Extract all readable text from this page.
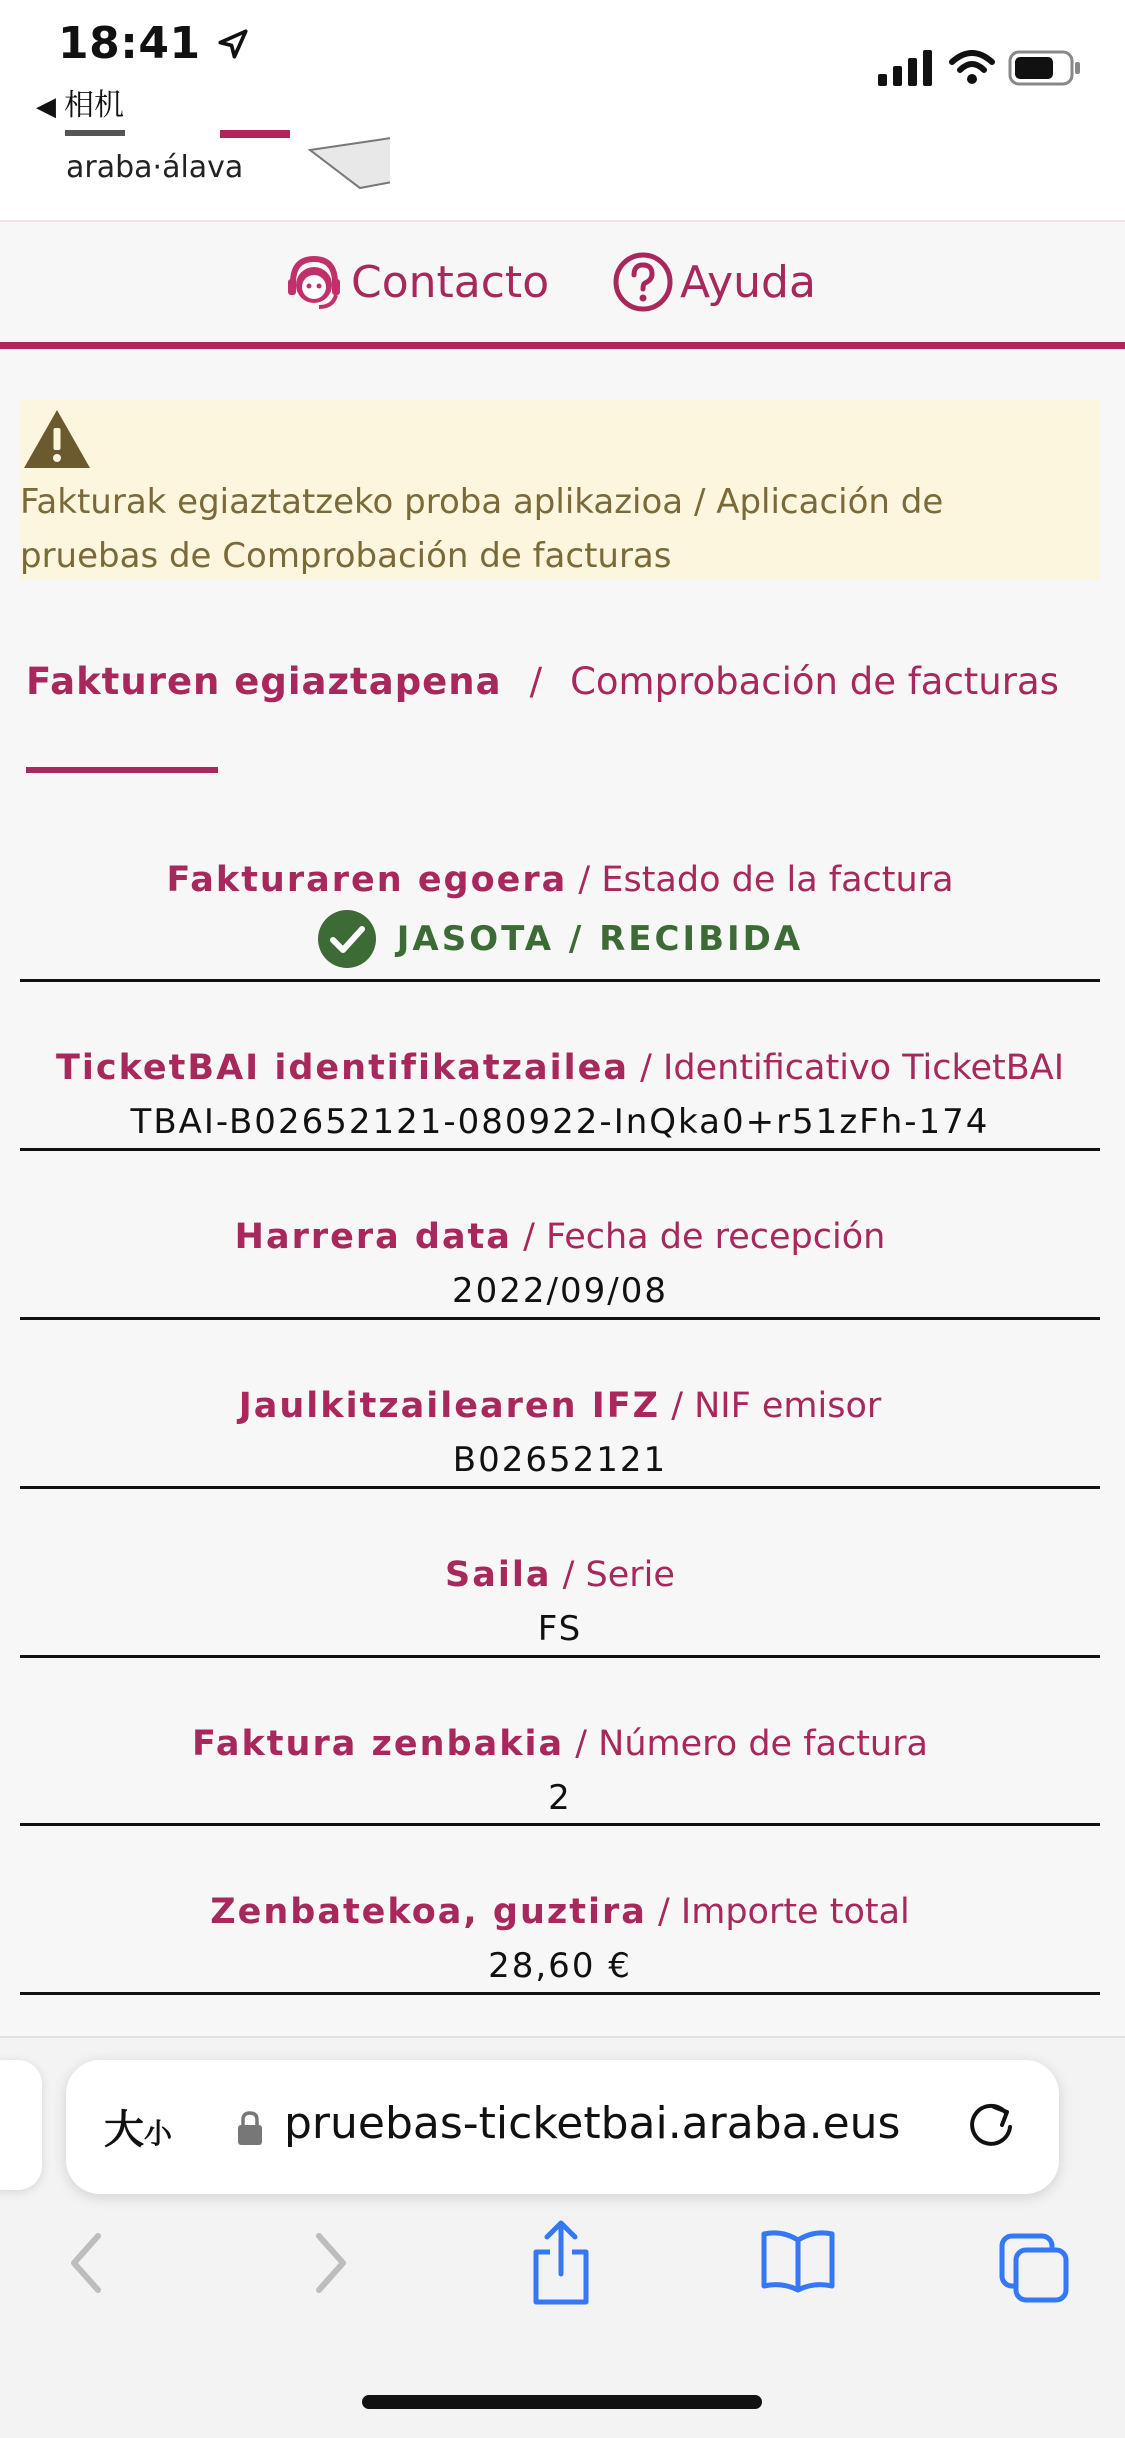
18:41
◀ 相机
araba·álava
Contacto	Ayuda
Fakturak egiaztatzeko proba aplikazioa / Aplicación de pruebas de Comprobación de facturas
Fakturen egiaztapena / Comprobación de facturas
Fakturaren egoera / Estado de la factura
JASOTA / RECIBIDA
TicketBAI identifikatzailea / Identificativo TicketBAI
TBAI-B02652121-080922-InQka0+r51zFh-174
Harrera data / Fecha de recepción
2022/09/08
Jaulkitzailearen IFZ / NIF emisor
B02652121
Saila / Serie
FS
Faktura zenbakia / Número de factura
2
Zenbatekoa, guztira / Importe total
28,60 €
大小	pruebas-ticketbai.araba.eus
